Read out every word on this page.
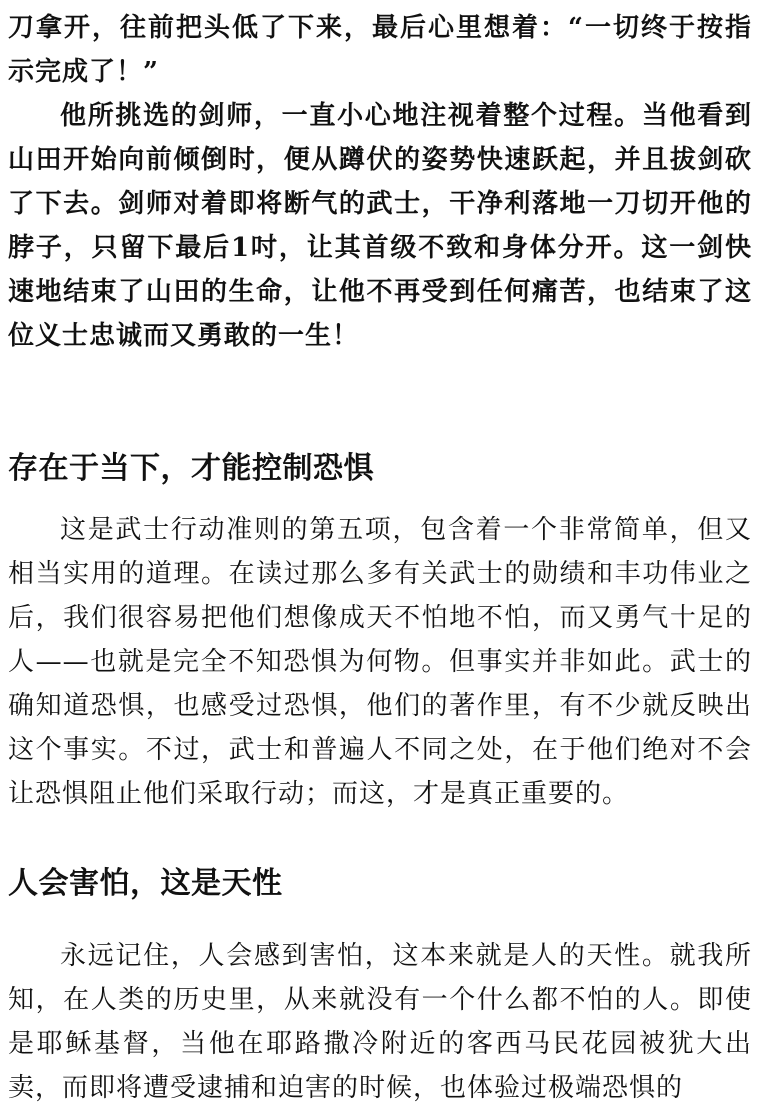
刀拿开，往前把头低了下来，最后心里想着：“一切终于按指示完成了！”

他所挑选的剑师，一直小心地注视着整个过程。当他看到山田开始向前倾倒时，便从蹲伏的姿势快速跃起，并且拔剑砍了下去。剑师对着即将断气的武士，干净利落地一刀切开他的脖子，只留下最后1吋，让其首级不致和身体分开。这一剑快速地结束了山田的生命，让他不再受到任何痛苦，也结束了这位义士忠诚而又勇敢的一生！

存在于当下，才能控制恐惧

这是武士行动准则的第五项，包含着一个非常简单，但又相当实用的道理。在读过那么多有关武士的勋绩和丰功伟业之后，我们很容易把他们想像成天不怕地不怕，而又勇气十足的人——也就是完全不知恐惧为何物。但事实并非如此。武士的确知道恐惧，也感受过恐惧，他们的著作里，有不少就反映出这个事实。不过，武士和普遍人不同之处，在于他们绝对不会让恐惧阻止他们采取行动；而这，才是真正重要的。

人会害怕，这是天性

永远记住，人会感到害怕，这本来就是人的天性。就我所知，在人类的历史里，从来就没有一个什么都不怕的人。即使是耶稣基督，当他在耶路撒冷附近的客西马民花园被犹大出卖，而即将遭受逮捕和迫害的时候，也体验过极端恐惧的
